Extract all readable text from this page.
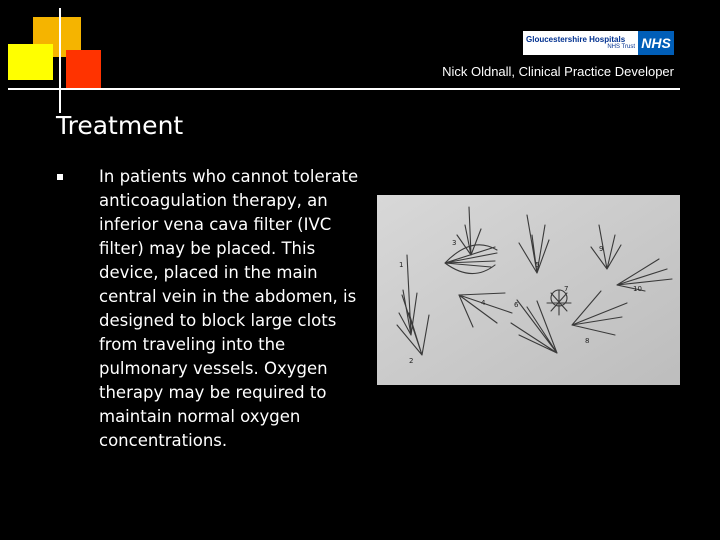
Gloucestershire Hospitals
NHS Trust NHS
Nick Oldnall, Clinical Practice Developer
Treatment
In patients who cannot tolerate anticoagulation therapy, an inferior vena cava filter (IVC filter) may be placed. This device, placed in the main central vein in the abdomen, is designed to block large clots from traveling into the pulmonary vessels. Oxygen therapy may be required to maintain normal oxygen concentrations.
1
2
3
4
5
6
7
8
9
10
